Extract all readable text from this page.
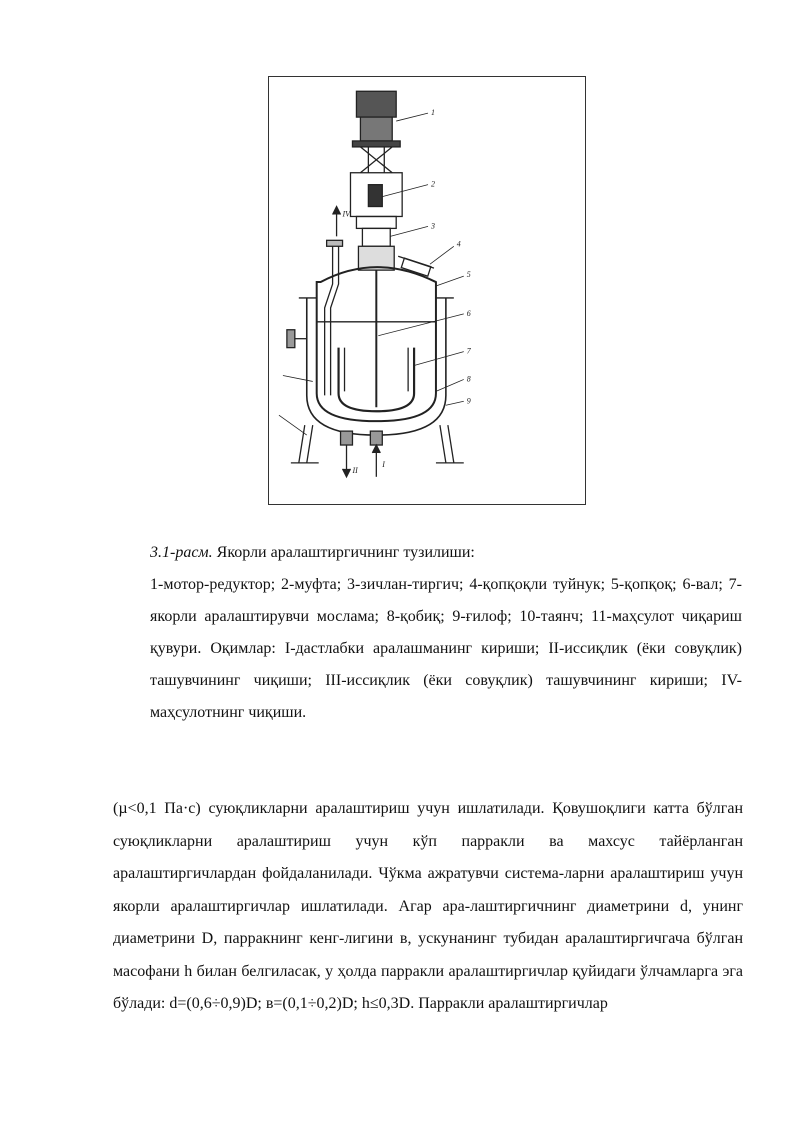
1
2
3
4
5
6
7
8
9
IV
II
I

3.1-расм. Якорли аралаштиргичнинг тузилиши:

1-мотор-редуктор; 2-муфта; 3-зичлан-тиргич; 4-қопқоқли туйнук; 5-қопқоқ; 6-вал; 7-якорли аралаштирувчи мослама; 8-қобиқ; 9-ғилоф; 10-таянч; 11-маҳсулот чиқариш қувури. Оқимлар: I-дастлабки аралашманинг кириши; II-иссиқлик (ёки совуқлик) ташувчининг чиқиши; III-иссиқлик (ёки совуқлик) ташувчининг кириши; IV-маҳсулотнинг чиқиши.

(µ<0,1 Па·с) суюқликларни аралаштириш учун ишлатилади. Қовушоқлиги катта бўлган суюқликларни аралаштириш учун кўп парракли ва махсус тайёрланган аралаштиргичлардан фойдаланилади. Чўкма ажратувчи система-ларни аралаштириш учун якорли аралаштиргичлар ишлатилади. Агар ара-лаштиргичнинг диаметрини d, унинг диаметрини D, парракнинг кенг-лигини в, ускунанинг тубидан аралаштиргичгача бўлган масофани h билан белгиласак, у ҳолда парракли аралаштиргичлар қуйидаги ўлчамларга эга бўлади: d=(0,6÷0,9)D; в=(0,1÷0,2)D; h≤0,3D. Парракли аралаштиргичлар
